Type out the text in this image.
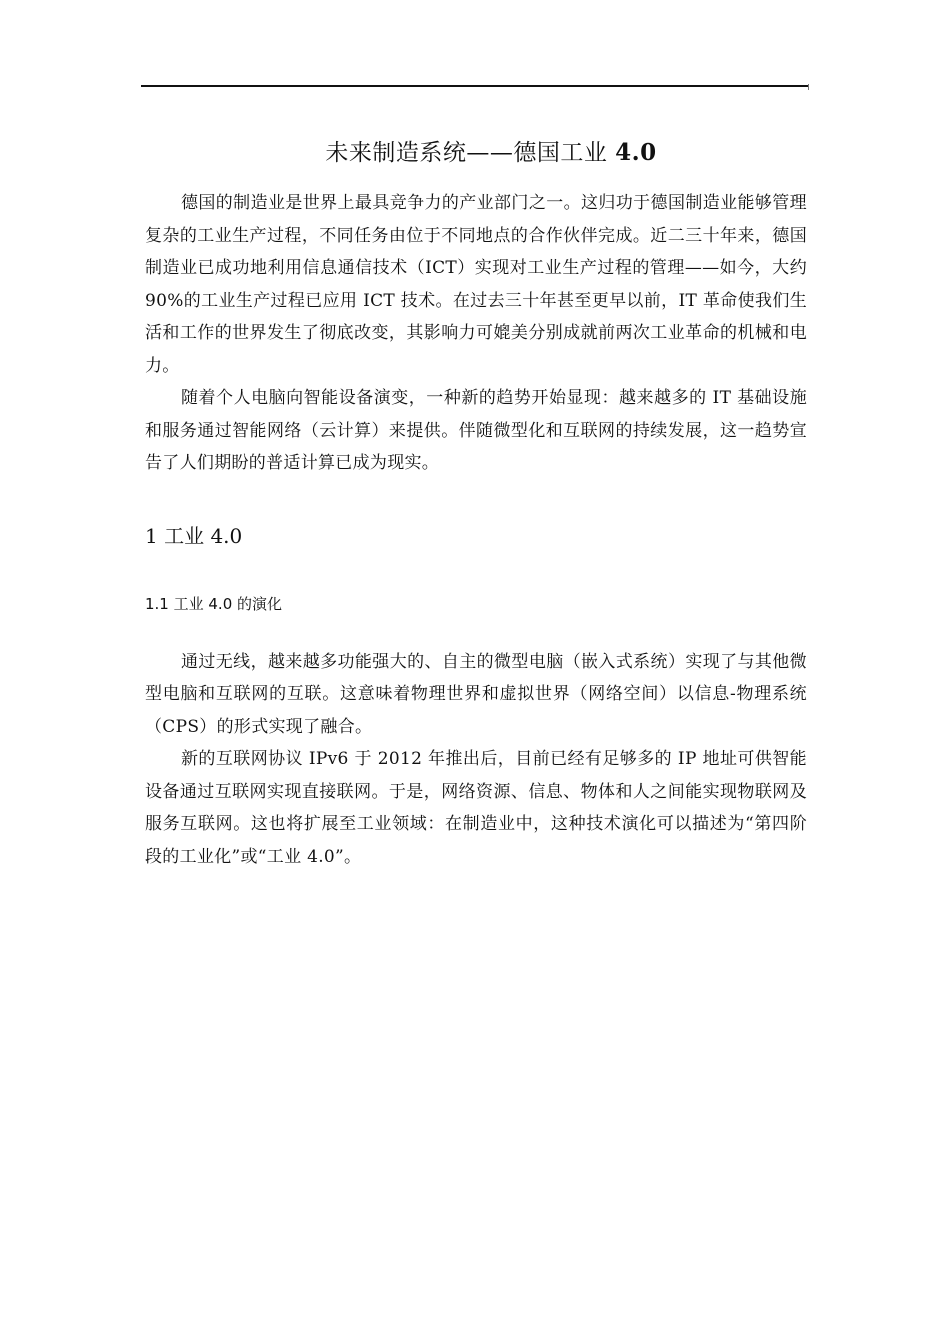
未来制造系统——德国工业 4.0

德国的制造业是世界上最具竞争力的产业部门之一。这归功于德国制造业能够管理复杂的工业生产过程，不同任务由位于不同地点的合作伙伴完成。近二三十年来，德国制造业已成功地利用信息通信技术（ICT）实现对工业生产过程的管理——如今，大约 90%的工业生产过程已应用 ICT 技术。在过去三十年甚至更早以前，IT 革命使我们生活和工作的世界发生了彻底改变，其影响力可媲美分别成就前两次工业革命的机械和电力。

随着个人电脑向智能设备演变，一种新的趋势开始显现：越来越多的 IT 基础设施和服务通过智能网络（云计算）来提供。伴随微型化和互联网的持续发展，这一趋势宣告了人们期盼的普适计算已成为现实。

1 工业 4.0
1.1 工业 4.0 的演化

通过无线，越来越多功能强大的、自主的微型电脑（嵌入式系统）实现了与其他微型电脑和互联网的互联。这意味着物理世界和虚拟世界（网络空间）以信息-物理系统（CPS）的形式实现了融合。

新的互联网协议 IPv6 于 2012 年推出后，目前已经有足够多的 IP 地址可供智能设备通过互联网实现直接联网。于是，网络资源、信息、物体和人之间能实现物联网及服务互联网。这也将扩展至工业领域：在制造业中，这种技术演化可以描述为“第四阶段的工业化”或“工业 4.0”。
